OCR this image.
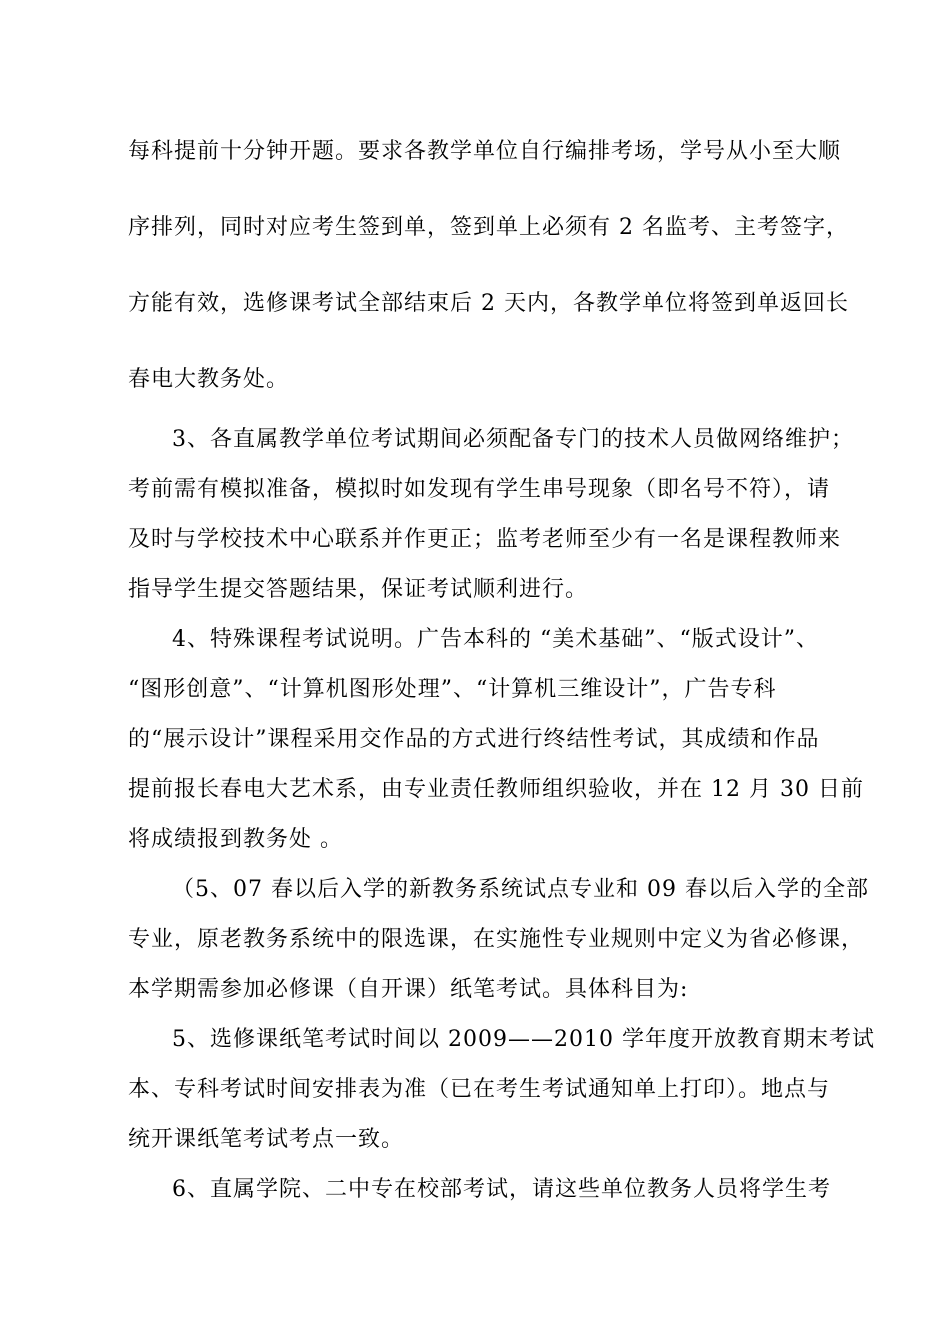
每科提前十分钟开题。要求各教学单位自行编排考场，学号从小至大顺
序排列，同时对应考生签到单，签到单上必须有 2 名监考、主考签字，
方能有效，选修课考试全部结束后 2 天内，各教学单位将签到单返回长
春电大教务处。
3、各直属教学单位考试期间必须配备专门的技术人员做网络维护；
考前需有模拟准备，模拟时如发现有学生串号现象（即名号不符），请
及时与学校技术中心联系并作更正；监考老师至少有一名是课程教师来
指导学生提交答题结果，保证考试顺利进行。
4、特殊课程考试说明。广告本科的 “美术基础”、“版式设计”、
“图形创意”、“计算机图形处理”、“计算机三维设计”，广告专科
的“展示设计”课程采用交作品的方式进行终结性考试，其成绩和作品
提前报长春电大艺术系，由专业责任教师组织验收，并在 12 月 30 日前
将成绩报到教务处 。
（5、07 春以后入学的新教务系统试点专业和 09 春以后入学的全部
专业，原老教务系统中的限选课，在实施性专业规则中定义为省必修课，
本学期需参加必修课（自开课）纸笔考试。具体科目为:
5、选修课纸笔考试时间以 2009——2010 学年度开放教育期末考试
本、专科考试时间安排表为准（已在考生考试通知单上打印）。地点与
统开课纸笔考试考点一致。
6、直属学院、二中专在校部考试，请这些单位教务人员将学生考
